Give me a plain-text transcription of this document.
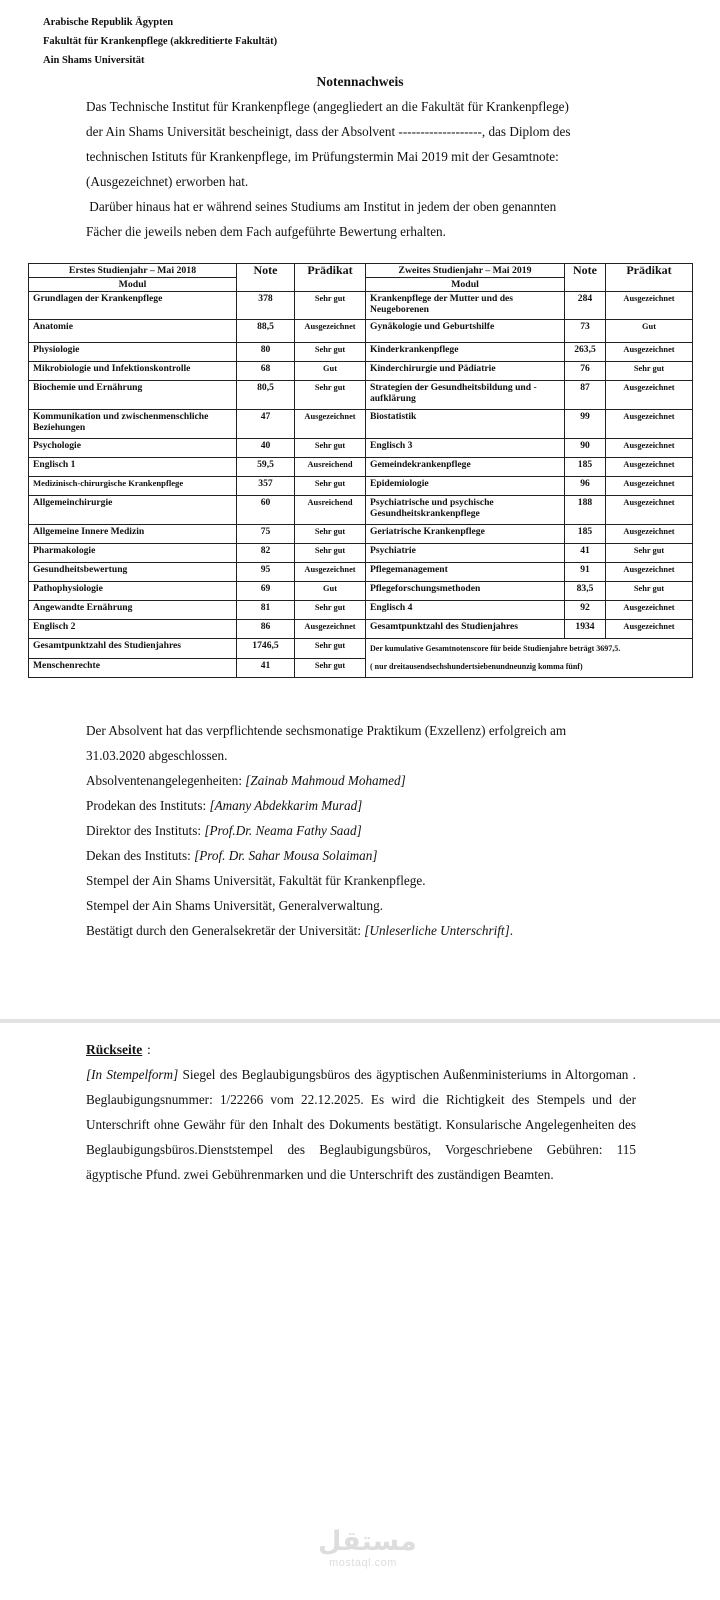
Arabische Republik Ägypten
Fakultät für Krankenpflege (akkreditierte Fakultät)
Ain Shams Universität
Notennachweis

Das Technische Institut für Krankenpflege (angegliedert an die Fakultät für Krankenpflege)

der Ain Shams Universität bescheinigt, dass der Absolvent -------------------, das Diplom des

technischen Istituts für Krankenpflege, im Prüfungstermin Mai 2019 mit der Gesamtnote:

(Ausgezeichnet) erworben hat.

Darüber hinaus hat er während seines Studiums am Institut in jedem der oben genannten

Fächer die jeweils neben dem Fach aufgeführte Bewertung erhalten.

Erstes Studienjahr – Mai 2018	Note	Prädikat	Zweites Studienjahr – Mai 2019	Note	Prädikat
Modul			Modul		
Grundlagen der Krankenpflege	378	Sehr gut	Krankenpflege der Mutter und des Neugeborenen	284	Ausgezeichnet
Anatomie	88,5	Ausgezeichnet	Gynäkologie und Geburtshilfe	73	Gut
Physiologie	80	Sehr gut	Kinderkrankenpflege	263,5	Ausgezeichnet
Mikrobiologie und Infektionskontrolle	68	Gut	Kinderchirurgie und Pädiatrie	76	Sehr gut
Biochemie und Ernährung	80,5	Sehr gut	Strategien der Gesundheitsbildung und -aufklärung	87	Ausgezeichnet
Kommunikation und zwischenmenschliche Beziehungen	47	Ausgezeichnet	Biostatistik	99	Ausgezeichnet
Psychologie	40	Sehr gut	Englisch 3	90	Ausgezeichnet
Englisch 1	59,5	Ausreichend	Gemeindekrankenpflege	185	Ausgezeichnet
Medizinisch-chirurgische Krankenpflege	357	Sehr gut	Epidemiologie	96	Ausgezeichnet
Allgemeinchirurgie	60	Ausreichend	Psychiatrische und psychische Gesundheitskrankenpflege	188	Ausgezeichnet
Allgemeine Innere Medizin	75	Sehr gut	Geriatrische Krankenpflege	185	Ausgezeichnet
Pharmakologie	82	Sehr gut	Psychiatrie	41	Sehr gut
Gesundheitsbewertung	95	Ausgezeichnet	Pflegemanagement	91	Ausgezeichnet
Pathophysiologie	69	Gut	Pflegeforschungsmethoden	83,5	Sehr gut
Angewandte Ernährung	81	Sehr gut	Englisch 4	92	Ausgezeichnet
Englisch 2	86	Ausgezeichnet	Gesamtpunktzahl des Studienjahres	1934	Ausgezeichnet
Gesamtpunktzahl des Studienjahres	1746,5	Sehr gut	Der kumulative Gesamtnotenscore für beide Studienjahre beträgt 3697,5.
( nur dreitausendsechshundertsiebenundneunzig komma fünf)		

Menschenrechte	41	Sehr gut			
Der Absolvent hat das verpflichtende sechsmonatige Praktikum (Exzellenz) erfolgreich am
31.03.2020 abgeschlossen.
Absolventenangelegenheiten: [Zainab Mahmoud Mohamed]
Prodekan des Instituts: [Amany Abdekkarim Murad]
Direktor des Instituts: [Prof.Dr. Neama Fathy Saad]
Dekan des Instituts: [Prof. Dr. Sahar Mousa Solaiman]
Stempel der Ain Shams Universität, Fakultät für Krankenpflege.
Stempel der Ain Shams Universität, Generalverwaltung.
Bestätigt durch den Generalsekretär der Universität: [Unleserliche Unterschrift].
Rückseite :

[In Stempelform] Siegel des Beglaubigungsbüros des ägyptischen Außenministeriums in Altorgoman . Beglaubigungsnummer: 1/22266 vom 22.12.2025. Es wird die Richtigkeit des Stempels und der Unterschrift ohne Gewähr für den Inhalt des Dokuments bestätigt. Konsularische Angelegenheiten des Beglaubigungsbüros.Dienststempel des Beglaubigungsbüros, Vorgeschriebene Gebühren: 115 ägyptische Pfund. zwei Gebührenmarken und die Unterschrift des zuständigen Beamten.

مستقل
mostaql.com
